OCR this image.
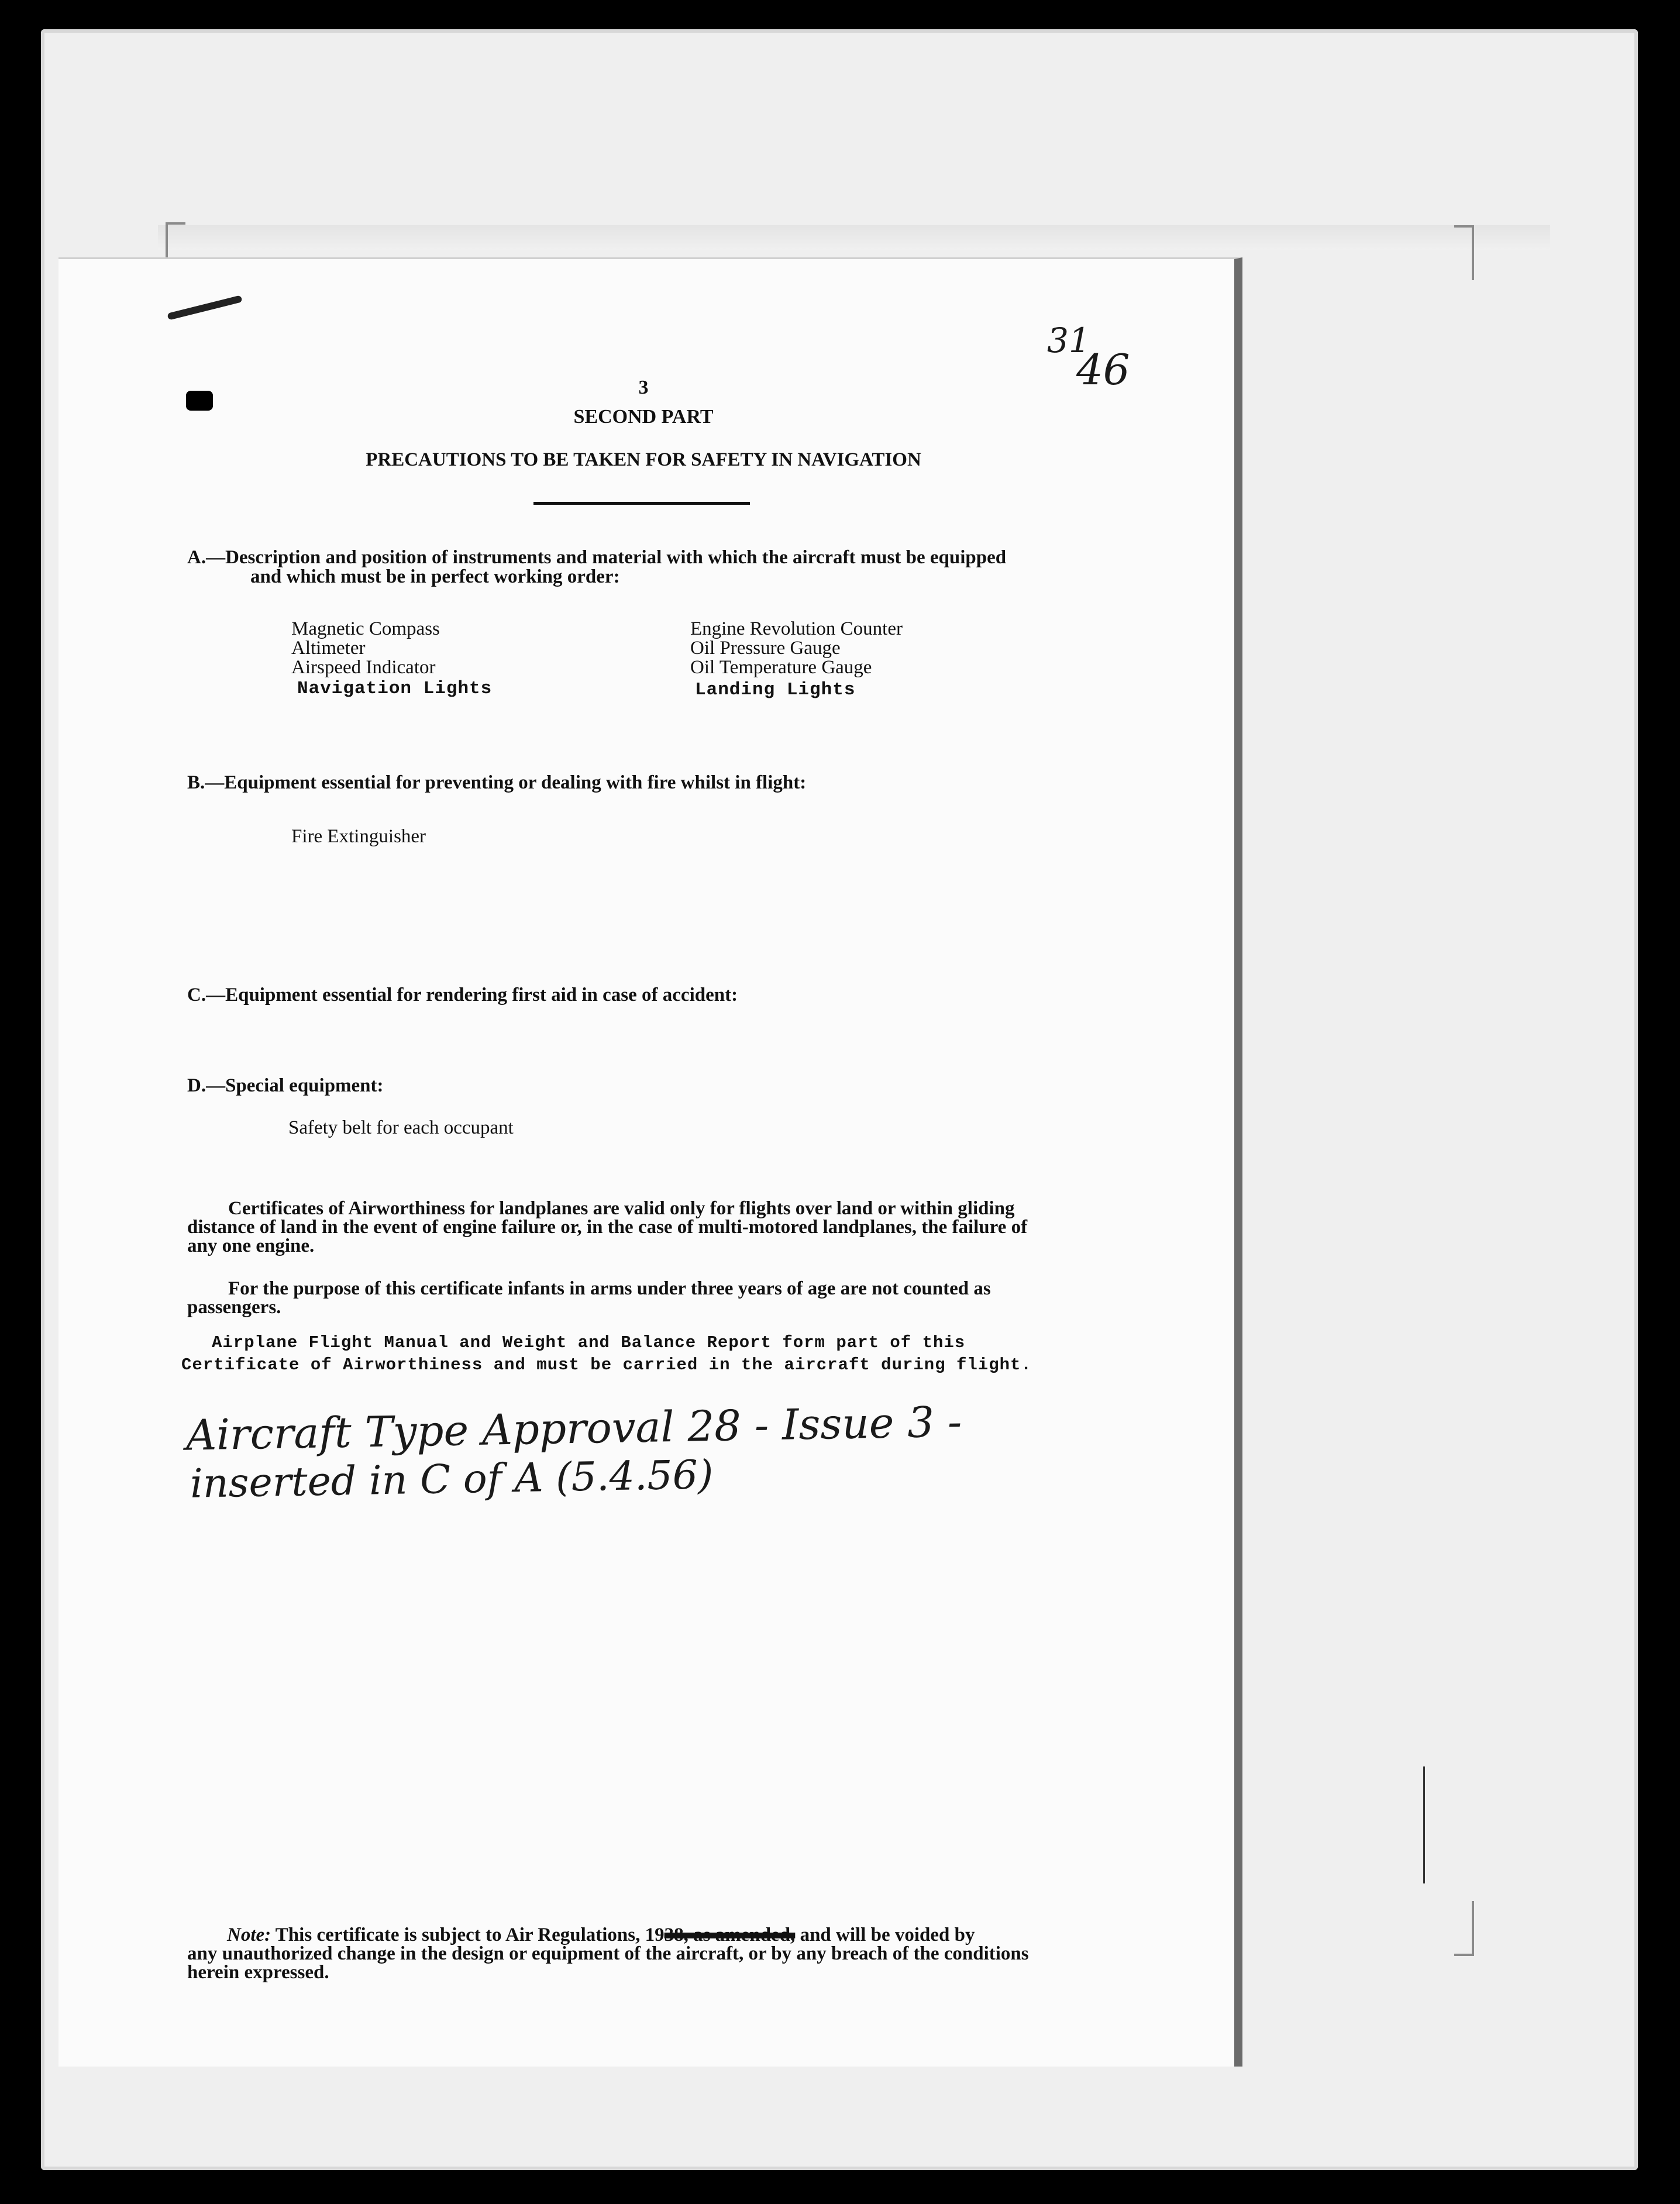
31
46
3
SECOND PART
PRECAUTIONS TO BE TAKEN FOR SAFETY IN NAVIGATION
A.—Description and position of instruments and material with which the aircraft must be equipped
and which must be in perfect working order:
Magnetic Compass
Altimeter
Airspeed Indicator
Navigation Lights
Engine Revolution Counter
Oil Pressure Gauge
Oil Temperature Gauge
Landing Lights
B.—Equipment essential for preventing or dealing with fire whilst in flight:
Fire Extinguisher
C.—Equipment essential for rendering first aid in case of accident:
D.—Special equipment:
Safety belt for each occupant
Certificates of Airworthiness for landplanes are valid only for flights over land or within gliding
distance of land in the event of engine failure or, in the case of multi-motored landplanes, the failure of
any one engine.
For the purpose of this certificate infants in arms under three years of age are not counted as
passengers.
Airplane Flight Manual and Weight and Balance Report form part of this
Certificate of Airworthiness and must be carried in the aircraft during flight.
Aircraft Type Approval 28 - Issue 3 -
inserted in C of A (5.4.56)
Note: This certificate is subject to Air Regulations, 1938, as amended, and will be voided by
any unauthorized change in the design or equipment of the aircraft, or by any breach of the conditions
herein expressed.
